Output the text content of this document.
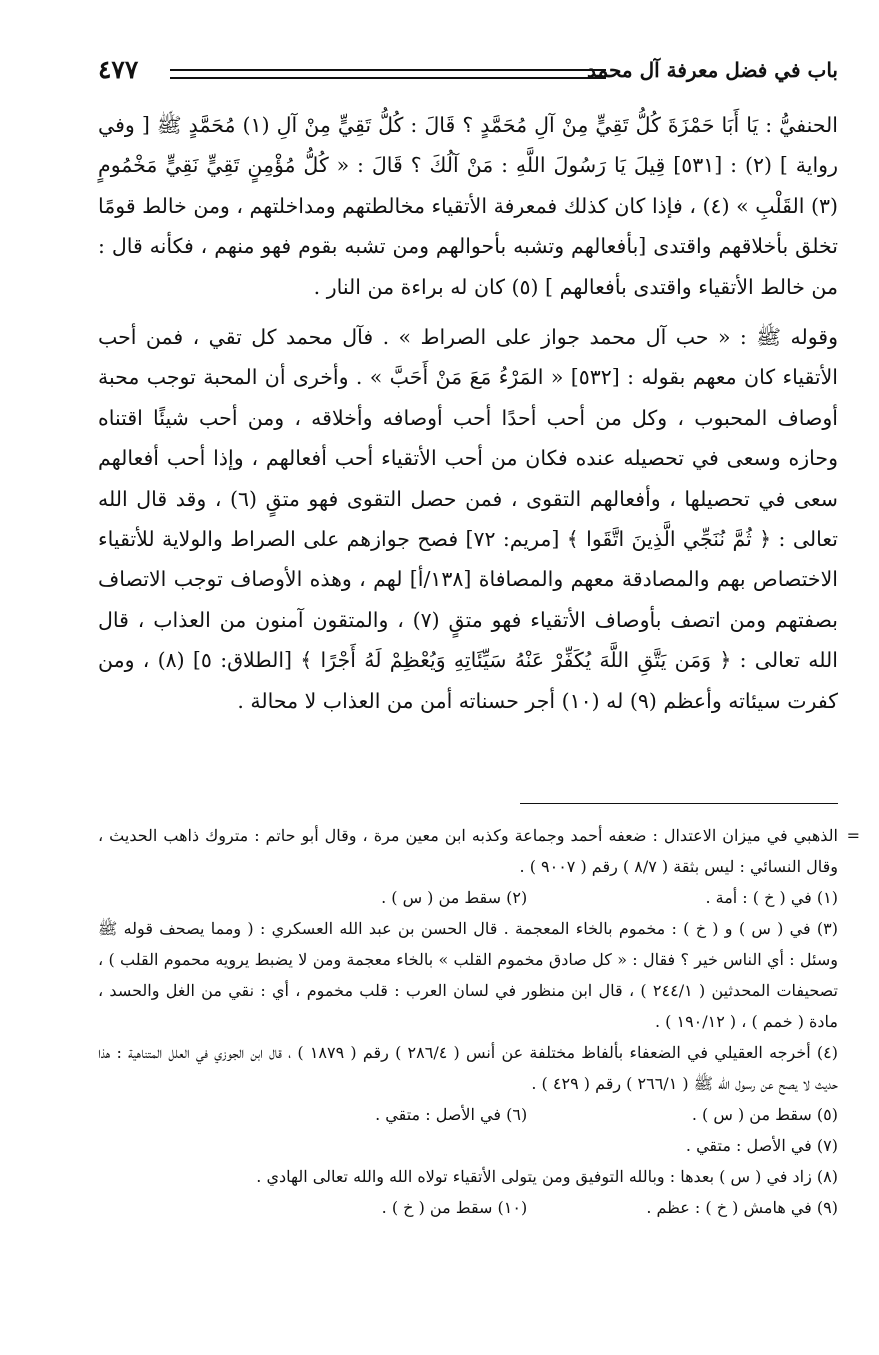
باب في فضل معرفة آل محمد
٤٧٧

الحنفيُّ : يَا أَبَا حَمْزَةَ كُلُّ تَقِيٍّ مِنْ آلِ مُحَمَّدٍ ؟ قَالَ : كُلُّ تَقِيٍّ مِنْ آلِ (١) مُحَمَّدٍ ﷺ [ وفي رواية ] (٢) : [٥٣١] قِيلَ يَا رَسُولَ اللَّهِ : مَنْ آلُكَ ؟ قَالَ : « كُلُّ مُؤْمِنٍ تَقِيٍّ نَقِيٍّ مَخْمُومٍ (٣) القَلْبِ » (٤) ، فإذا كان كذلك فمعرفة الأتقياء مخالطتهم ومداخلتهم ، ومن خالط قومًا تخلق بأخلاقهم واقتدى [بأفعالهم وتشبه بأحوالهم ومن تشبه بقوم فهو منهم ، فكأنه قال : من خالط الأتقياء واقتدى بأفعالهم ] (٥) كان له براءة من النار .

وقوله ﷺ : « حب آل محمد جواز على الصراط » . فآل محمد كل تقي ، فمن أحب الأتقياء كان معهم بقوله : [٥٣٢] « المَرْءُ مَعَ مَنْ أَحَبَّ » . وأخرى أن المحبة توجب محبة أوصاف المحبوب ، وكل من أحب أحدًا أحب أوصافه وأخلاقه ، ومن أحب شيئًا اقتناه وحازه وسعى في تحصيله عنده فكان من أحب الأتقياء أحب أفعالهم ، وإذا أحب أفعالهم سعى في تحصيلها ، وأفعالهم التقوى ، فمن حصل التقوى فهو متقٍ (٦) ، وقد قال الله تعالى : ﴿ ثُمَّ نُنَجِّي الَّذِينَ اتَّقَوا ﴾ [مريم: ٧٢] فصح جوازهم على الصراط والولاية للأتقياء الاختصاص بهم والمصادقة معهم والمصافاة [١٣٨/أ] لهم ، وهذه الأوصاف توجب الاتصاف بصفتهم ومن اتصف بأوصاف الأتقياء فهو متقٍ (٧) ، والمتقون آمنون من العذاب ، قال الله تعالى : ﴿ وَمَن يَتَّقِ اللَّهَ يُكَفِّرْ عَنْهُ سَيِّئَاتِهِ وَيُعْظِمْ لَهُ أَجْرًا ﴾ [الطلاق: ٥] (٨) ، ومن كفرت سيئاته وأعظم (٩) له (١٠) أجر حسناته أمن من العذاب لا محالة .

=
الذهبي في ميزان الاعتدال : ضعفه أحمد وجماعة وكذبه ابن معين مرة ، وقال أبو حاتم : متروك ذاهب الحديث ، وقال النسائي : ليس بثقة ( ٨/٧ ) رقم ( ٩٠٠٧ ) .

(١) في ( خ ) : أمة .
(٢) سقط من ( س ) .

(٣) في ( س ) و ( خ ) : مخموم بالخاء المعجمة . قال الحسن بن عبد الله العسكري : ( ومما يصحف قوله ﷺ وسئل : أي الناس خير ؟ فقال : « كل صادق مخموم القلب » بالخاء معجمة ومن لا يضبط يرويه محموم القلب ) ، تصحيفات المحدثين ( ٢٤٤/١ ) ، قال ابن منظور في لسان العرب : قلب مخموم ، أي : نقي من الغل والحسد ، مادة ( خمم ) ، ( ١٩٠/١٢ ) .

(٤) أخرجه العقيلي في الضعفاء بألفاظ مختلفة عن أنس ( ٢٨٦/٤ ) رقم ( ١٨٧٩ ) ، قال ابن الجوزي في العلل المتناهية : هذا حديث لا يصح عن رسول الله ﷺ ( ٢٦٦/١ ) رقم ( ٤٢٩ ) .

(٥) سقط من ( س ) .
(٦) في الأصل : متقي .

(٧) في الأصل : متقي .

(٨) زاد في ( س ) بعدها : وبالله التوفيق ومن يتولى الأتقياء تولاه الله والله تعالى الهادي .

(٩) في هامش ( خ ) : عظم .
(١٠) سقط من ( خ ) .
